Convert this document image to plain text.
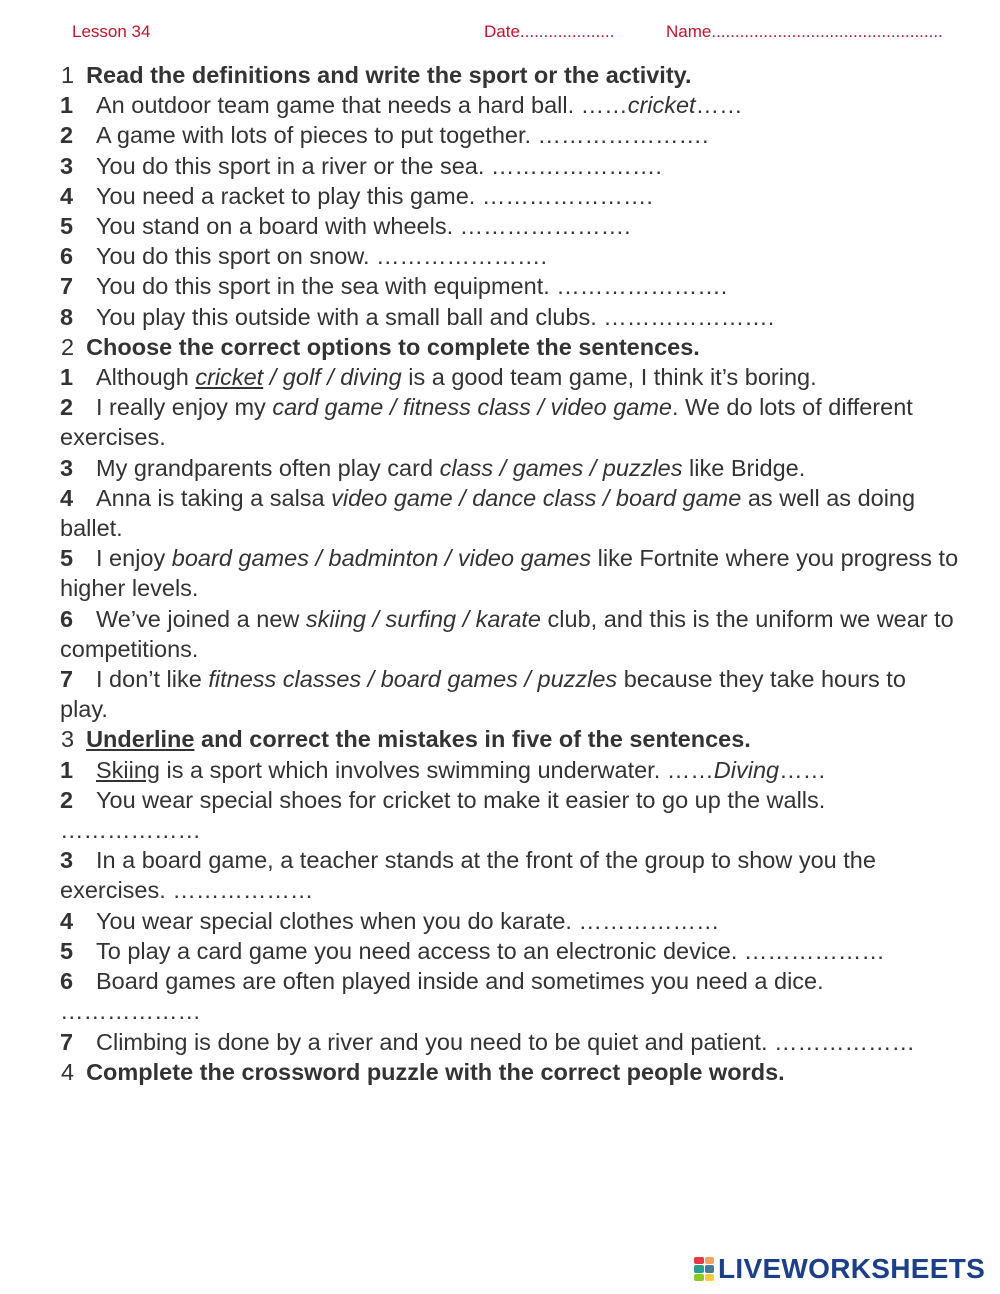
Lesson 34	Date....................	Name.................................................
1 Read the definitions and write the sport or the activity.
1 An outdoor team game that needs a hard ball. ……cricket……
2 A game with lots of pieces to put together. ………………….
3 You do this sport in a river or the sea. ………………….
4 You need a racket to play this game. ………………….
5 You stand on a board with wheels. ………………….
6 You do this sport on snow. ………………….
7 You do this sport in the sea with equipment. ………………….
8 You play this outside with a small ball and clubs. ………………….
2 Choose the correct options to complete the sentences.
1 Although cricket / golf / diving is a good team game, I think it’s boring.
2 I really enjoy my card game / fitness class / video game. We do lots of different exercises.
3 My grandparents often play card class / games / puzzles like Bridge.
4 Anna is taking a salsa video game / dance class / board game as well as doing ballet.
5 I enjoy board games / badminton / video games like Fortnite where you progress to higher levels.
6 We’ve joined a new skiing / surfing / karate club, and this is the uniform we wear to competitions.
7 I don’t like fitness classes / board games / puzzles because they take hours to play.
3 Underline and correct the mistakes in five of the sentences.
1 Skiing is a sport which involves swimming underwater. ……Diving……
2 You wear special shoes for cricket to make it easier to go up the walls. ………………
3 In a board game, a teacher stands at the front of the group to show you the exercises. ………………
4 You wear special clothes when you do karate. ………………
5 To play a card game you need access to an electronic device. ………………
6 Board games are often played inside and sometimes you need a dice. ………………
7 Climbing is done by a river and you need to be quiet and patient. ………………
4 Complete the crossword puzzle with the correct people words.
LIVEWORKSHEETS
